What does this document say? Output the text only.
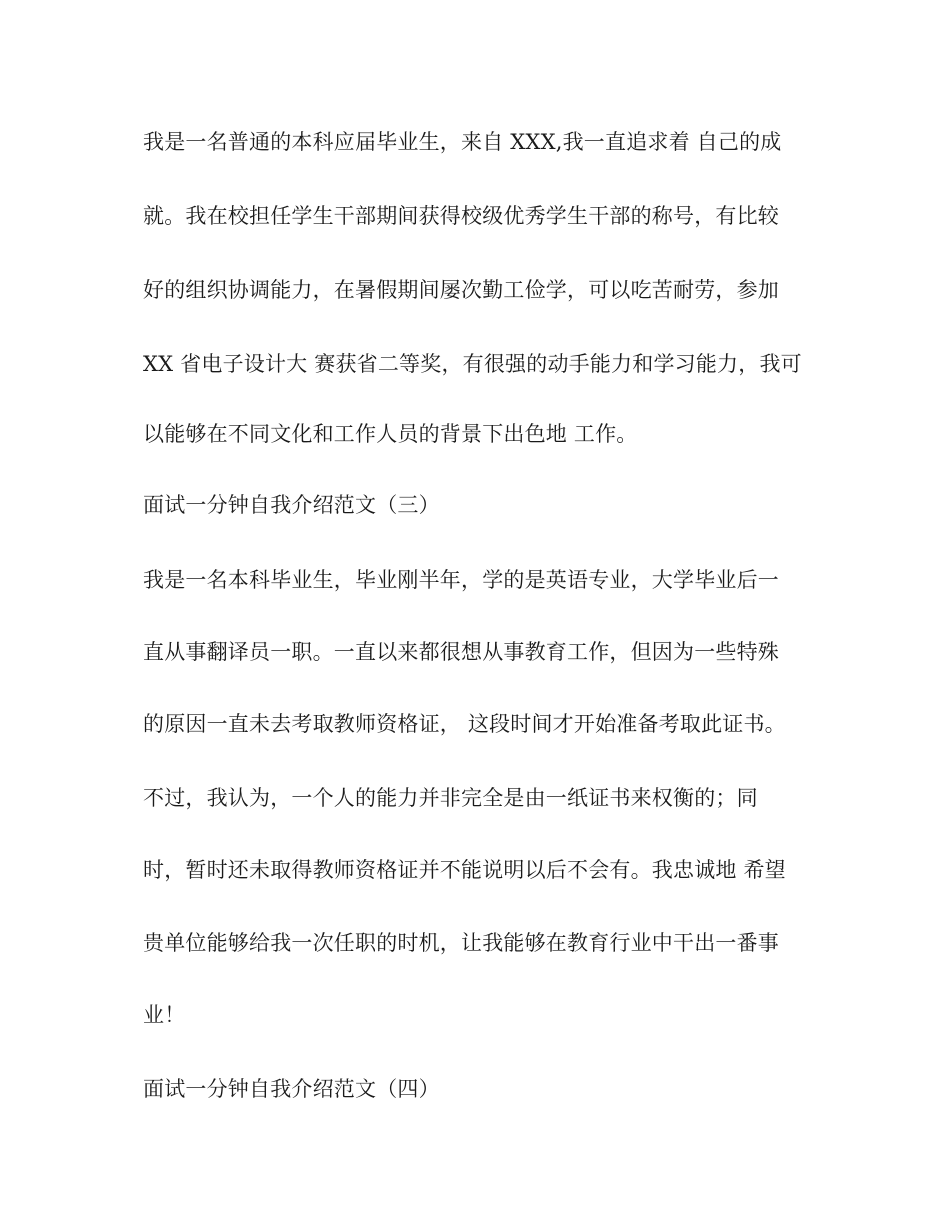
我是一名普通的本科应届毕业生，来自 XXX,我一直追求着 自己的成
就。我在校担任学生干部期间获得校级优秀学生干部的称号，有比较
好的组织协调能力，在暑假期间屡次勤工俭学，可以吃苦耐劳，参加
XX 省电子设计大 赛获省二等奖，有很强的动手能力和学习能力，我可
以能够在不同文化和工作人员的背景下出色地 工作。
面试一分钟自我介绍范文（三）
我是一名本科毕业生，毕业刚半年，学的是英语专业，大学毕业后一
直从事翻译员一职。一直以来都很想从事教育工作，但因为一些特殊
的原因一直未去考取教师资格证， 这段时间才开始准备考取此证书。
不过，我认为，一个人的能力并非完全是由一纸证书来权衡的；同
时，暂时还未取得教师资格证并不能说明以后不会有。我忠诚地 希望
贵单位能够给我一次任职的时机，让我能够在教育行业中干出一番事
业！
面试一分钟自我介绍范文（四）
